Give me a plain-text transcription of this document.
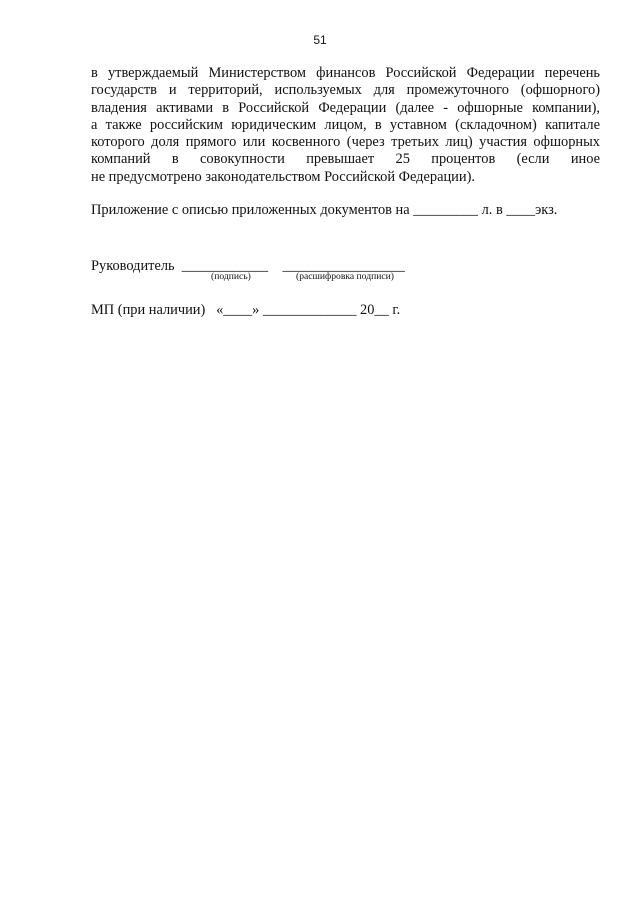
51
в утверждаемый Министерством финансов Российской Федерации перечень
государств и территорий, используемых для промежуточного (офшорного)
владения активами в Российской Федерации (далее - офшорные компании),
а также российским юридическим лицом, в уставном (складочном) капитале
которого доля прямого или косвенного (через третьих лиц) участия офшорных
компаний в совокупности превышает 25 процентов (если иное
не предусмотрено законодательством Российской Федерации).
Приложение с описью приложенных документов на _________ л. в ____экз.
Руководитель  ____________    _________________
(подпись)	(расшифровка подписи)
МП (при наличии)   «____» _____________ 20__ г.
